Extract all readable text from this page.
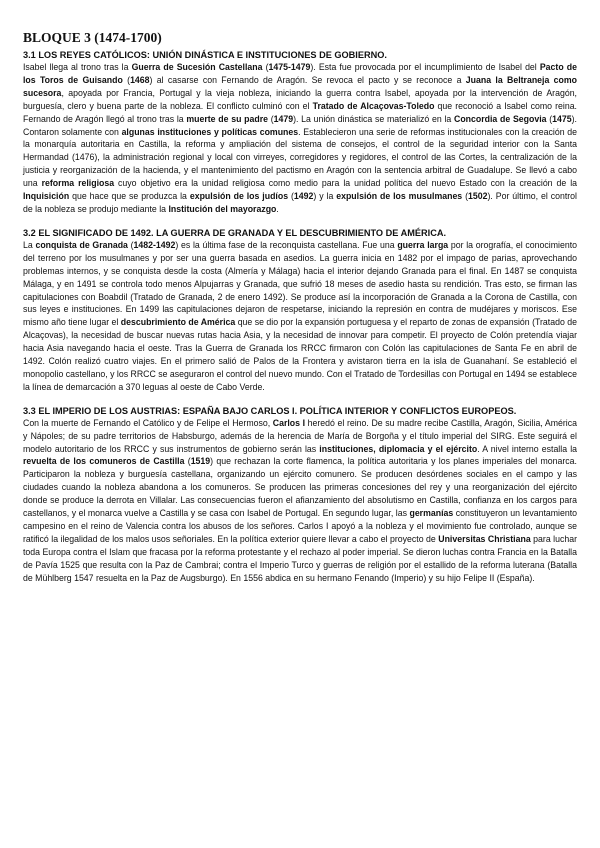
BLOQUE 3 (1474-1700)
3.1 LOS REYES CATÓLICOS: UNIÓN DINÁSTICA E INSTITUCIONES DE GOBIERNO.

Isabel llega al trono tras la Guerra de Sucesión Castellana (1475-1479). Esta fue provocada por el incumplimiento de Isabel del Pacto de los Toros de Guisando (1468) al casarse con Fernando de Aragón. Se revoca el pacto y se reconoce a Juana la Beltraneja como sucesora, apoyada por Francia, Portugal y la vieja nobleza, iniciando la guerra contra Isabel, apoyada por la intervención de Aragón, burguesía, clero y buena parte de la nobleza. El conflicto culminó con el Tratado de Alcaçovas-Toledo que reconoció a Isabel como reina. Fernando de Aragón llegó al trono tras la muerte de su padre (1479). La unión dinástica se materializó en la Concordia de Segovia (1475). Contaron solamente con algunas instituciones y políticas comunes. Establecieron una serie de reformas institucionales con la creación de la monarquía autoritaria en Castilla, la reforma y ampliación del sistema de consejos, el control de la seguridad interior con la Santa Hermandad (1476), la administración regional y local con virreyes, corregidores y regidores, el control de las Cortes, la centralización de la justicia y reorganización de la hacienda, y el mantenimiento del pactismo en Aragón con la sentencia arbitral de Guadalupe. Se llevó a cabo una reforma religiosa cuyo objetivo era la unidad religiosa como medio para la unidad política del nuevo Estado con la creación de la Inquisición que hace que se produzca la expulsión de los judíos (1492) y la expulsión de los musulmanes (1502). Por último, el control de la nobleza se produjo mediante la Institución del mayorazgo.

3.2 EL SIGNIFICADO DE 1492. LA GUERRA DE GRANADA Y EL DESCUBRIMIENTO DE AMÉRICA.

La conquista de Granada (1482-1492) es la última fase de la reconquista castellana. Fue una guerra larga por la orografía, el conocimiento del terreno por los musulmanes y por ser una guerra basada en asedios. La guerra inicia en 1482 por el impago de parias, aprovechando problemas internos, y se conquista desde la costa (Almería y Málaga) hacia el interior dejando Granada para el final. En 1487 se conquista Málaga, y en 1491 se controla todo menos Alpujarras y Granada, que sufrió 18 meses de asedio hasta su rendición. Tras esto, se firman las capitulaciones con Boabdil (Tratado de Granada, 2 de enero 1492). Se produce así la incorporación de Granada a la Corona de Castilla, con sus leyes e instituciones. En 1499 las capitulaciones dejaron de respetarse, iniciando la represión en contra de mudéjares y moriscos. Ese mismo año tiene lugar el descubrimiento de América que se dio por la expansión portuguesa y el reparto de zonas de expansión (Tratado de Alcaçovas), la necesidad de buscar nuevas rutas hacia Asia, y la necesidad de innovar para competir. El proyecto de Colón pretendía viajar hacia Asia navegando hacia el oeste. Tras la Guerra de Granada los RRCC firmaron con Colón las capitulaciones de Santa Fe en abril de 1492. Colón realizó cuatro viajes. En el primero salió de Palos de la Frontera y avistaron tierra en la isla de Guanahaní. Se estableció el monopolio castellano, y los RRCC se aseguraron el control del nuevo mundo. Con el Tratado de Tordesillas con Portugal en 1494 se establece la línea de demarcación a 370 leguas al oeste de Cabo Verde.

3.3 EL IMPERIO DE LOS AUSTRIAS: ESPAÑA BAJO CARLOS I. POLÍTICA INTERIOR Y CONFLICTOS EUROPEOS.

Con la muerte de Fernando el Católico y de Felipe el Hermoso, Carlos I heredó el reino. De su madre recibe Castilla, Aragón, Sicilia, América y Nápoles; de su padre territorios de Habsburgo, además de la herencia de María de Borgoña y el título imperial del SIRG. Este seguirá el modelo autoritario de los RRCC y sus instrumentos de gobierno serán las instituciones, diplomacia y el ejército. A nivel interno estalla la revuelta de los comuneros de Castilla (1519) que rechazan la corte flamenca, la política autoritaria y los planes imperiales del monarca. Participaron la nobleza y burguesía castellana, organizando un ejército comunero. Se producen desórdenes sociales en el campo y las ciudades cuando la nobleza abandona a los comuneros. Se producen las primeras concesiones del rey y una reorganización del ejército donde se produce la derrota en Villalar. Las consecuencias fueron el afianzamiento del absolutismo en Castilla, confianza en los cargos para castellanos, y el monarca vuelve a Castilla y se casa con Isabel de Portugal. En segundo lugar, las germanías constituyeron un levantamiento campesino en el reino de Valencia contra los abusos de los señores. Carlos I apoyó a la nobleza y el movimiento fue controlado, aunque se ratificó la ilegalidad de los malos usos señoriales. En la política exterior quiere llevar a cabo el proyecto de Universitas Christiana para luchar toda Europa contra el Islam que fracasa por la reforma protestante y el rechazo al poder imperial. Se dieron luchas contra Francia en la Batalla de Pavía 1525 que resulta con la Paz de Cambrai; contra el Imperio Turco y guerras de religión por el estallido de la reforma luterana (Batalla de Mühlberg 1547 resuelta en la Paz de Augsburgo). En 1556 abdica en su hermano Fenando (Imperio) y su hijo Felipe II (España).
